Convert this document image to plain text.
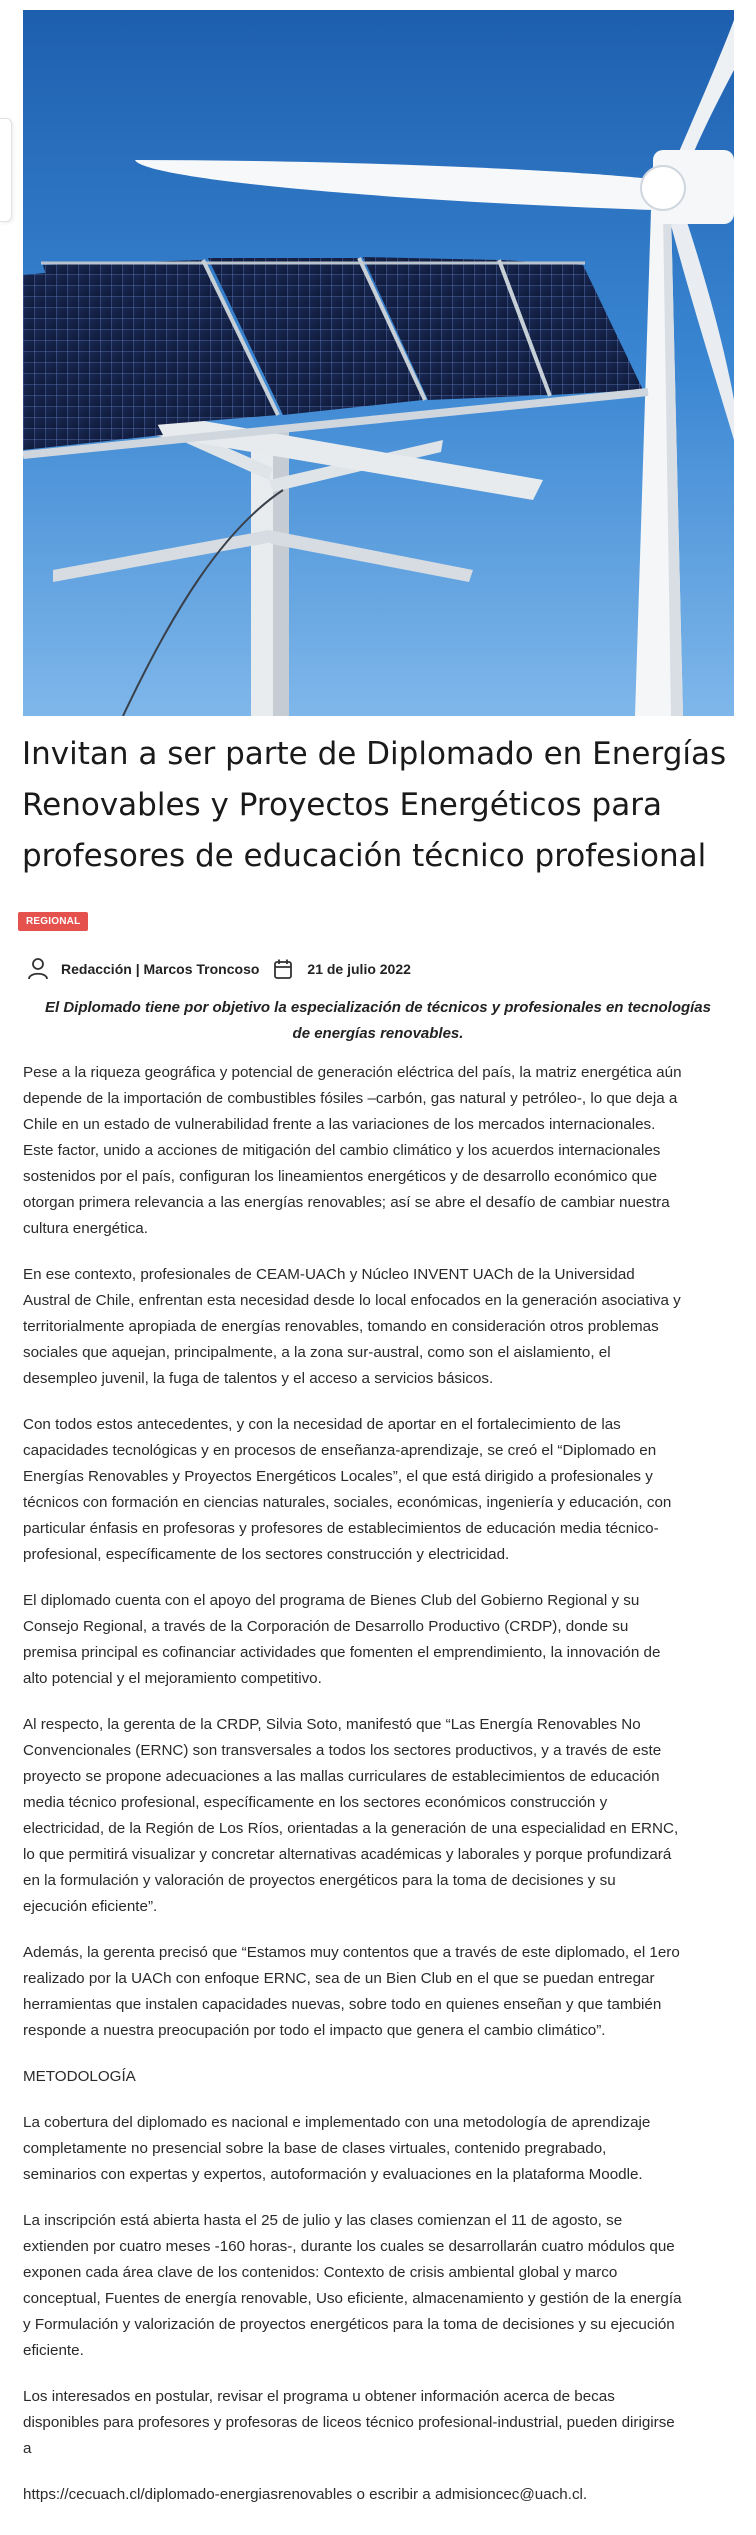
Invitan a ser parte de Diplomado en Energías Renovables y Proyectos Energéticos para profesores de educación técnico profesional
REGIONAL
Redacción | Marcos Troncoso	21 de julio 2022

El Diplomado tiene por objetivo la especialización de técnicos y profesionales en tecnologías de energías renovables.

Pese a la riqueza geográfica y potencial de generación eléctrica del país, la matriz energética aún depende de la importación de combustibles fósiles –carbón, gas natural y petróleo-, lo que deja a Chile en un estado de vulnerabilidad frente a las variaciones de los mercados internacionales. Este factor, unido a acciones de mitigación del cambio climático y los acuerdos internacionales sostenidos por el país, configuran los lineamientos energéticos y de desarrollo económico que otorgan primera relevancia a las energías renovables; así se abre el desafío de cambiar nuestra cultura energética.

En ese contexto, profesionales de CEAM-UACh y Núcleo INVENT UACh de la Universidad Austral de Chile, enfrentan esta necesidad desde lo local enfocados en la generación asociativa y territorialmente apropiada de energías renovables, tomando en consideración otros problemas sociales que aquejan, principalmente, a la zona sur-austral, como son el aislamiento, el desempleo juvenil, la fuga de talentos y el acceso a servicios básicos.

Con todos estos antecedentes, y con la necesidad de aportar en el fortalecimiento de las capacidades tecnológicas y en procesos de enseñanza-aprendizaje, se creó el “Diplomado en Energías Renovables y Proyectos Energéticos Locales”, el que está dirigido a profesionales y técnicos con formación en ciencias naturales, sociales, económicas, ingeniería y educación, con particular énfasis en profesoras y profesores de establecimientos de educación media técnico-profesional, específicamente de los sectores construcción y electricidad.

El diplomado cuenta con el apoyo del programa de Bienes Club del Gobierno Regional y su Consejo Regional, a través de la Corporación de Desarrollo Productivo (CRDP), donde su premisa principal es cofinanciar actividades que fomenten el emprendimiento, la innovación de alto potencial y el mejoramiento competitivo.

Al respecto, la gerenta de la CRDP, Silvia Soto, manifestó que “Las Energía Renovables No Convencionales (ERNC) son transversales a todos los sectores productivos, y a través de este proyecto se propone adecuaciones a las mallas curriculares de establecimientos de educación media técnico profesional, específicamente en los sectores económicos construcción y electricidad, de la Región de Los Ríos, orientadas a la generación de una especialidad en ERNC, lo que permitirá visualizar y concretar alternativas académicas y laborales y porque profundizará en la formulación y valoración de proyectos energéticos para la toma de decisiones y su ejecución eficiente”.

Además, la gerenta precisó que “Estamos muy contentos que a través de este diplomado, el 1ero realizado por la UACh con enfoque ERNC, sea de un Bien Club en el que se puedan entregar herramientas que instalen capacidades nuevas, sobre todo en quienes enseñan y que también responde a nuestra preocupación por todo el impacto que genera el cambio climático”.

METODOLOGÍA

La cobertura del diplomado es nacional e implementado con una metodología de aprendizaje completamente no presencial sobre la base de clases virtuales, contenido pregrabado, seminarios con expertas y expertos, autoformación y evaluaciones en la plataforma Moodle.

La inscripción está abierta hasta el 25 de julio y las clases comienzan el 11 de agosto, se extienden por cuatro meses -160 horas-, durante los cuales se desarrollarán cuatro módulos que exponen cada área clave de los contenidos: Contexto de crisis ambiental global y marco conceptual, Fuentes de energía renovable, Uso eficiente, almacenamiento y gestión de la energía y Formulación y valorización de proyectos energéticos para la toma de decisiones y su ejecución eficiente.

Los interesados en postular, revisar el programa u obtener información acerca de becas disponibles para profesores y profesoras de liceos técnico profesional-industrial, pueden dirigirse a

https://cecuach.cl/diplomado-energiasrenovables o escribir a admisioncec@uach.cl.
